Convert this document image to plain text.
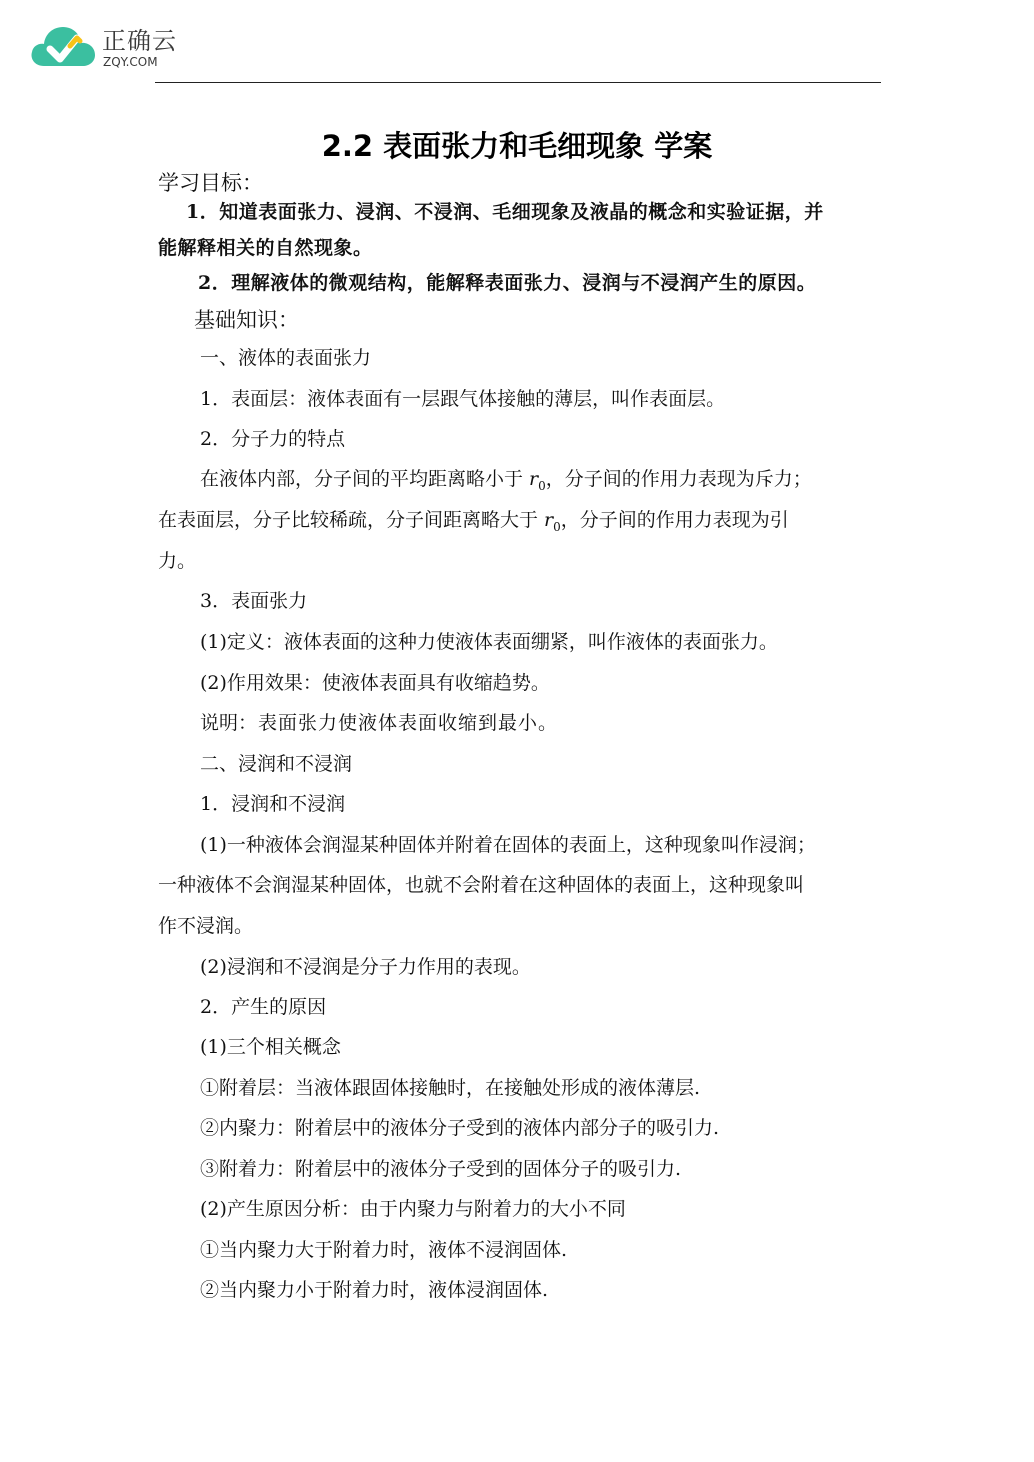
正确云
ZQY.COM
2.2 表面张力和毛细现象 学案
学习目标：
1．知道表面张力、浸润、不浸润、毛细现象及液晶的概念和实验证据，并
能解释相关的自然现象。
2．理解液体的微观结构，能解释表面张力、浸润与不浸润产生的原因。
基础知识：
一、液体的表面张力
1．表面层：液体表面有一层跟气体接触的薄层，叫作表面层。
2．分子力的特点
在液体内部，分子间的平均距离略小于 $r_0$，分子间的作用力表现为斥力；
在表面层，分子比较稀疏，分子间距离略大于 $r_0$，分子间的作用力表现为引
力。
3．表面张力
(1)定义：液体表面的这种力使液体表面绷紧，叫作液体的表面张力。
(2)作用效果：使液体表面具有收缩趋势。
说明：表面张力使液体表面收缩到最小。
二、浸润和不浸润
1．浸润和不浸润
(1)一种液体会润湿某种固体并附着在固体的表面上，这种现象叫作浸润；
一种液体不会润湿某种固体，也就不会附着在这种固体的表面上，这种现象叫
作不浸润。
(2)浸润和不浸润是分子力作用的表现。
2．产生的原因
(1)三个相关概念
①附着层：当液体跟固体接触时，在接触处形成的液体薄层.
②内聚力：附着层中的液体分子受到的液体内部分子的吸引力.
③附着力：附着层中的液体分子受到的固体分子的吸引力.
(2)产生原因分析：由于内聚力与附着力的大小不同
①当内聚力大于附着力时，液体不浸润固体.
②当内聚力小于附着力时，液体浸润固体.
